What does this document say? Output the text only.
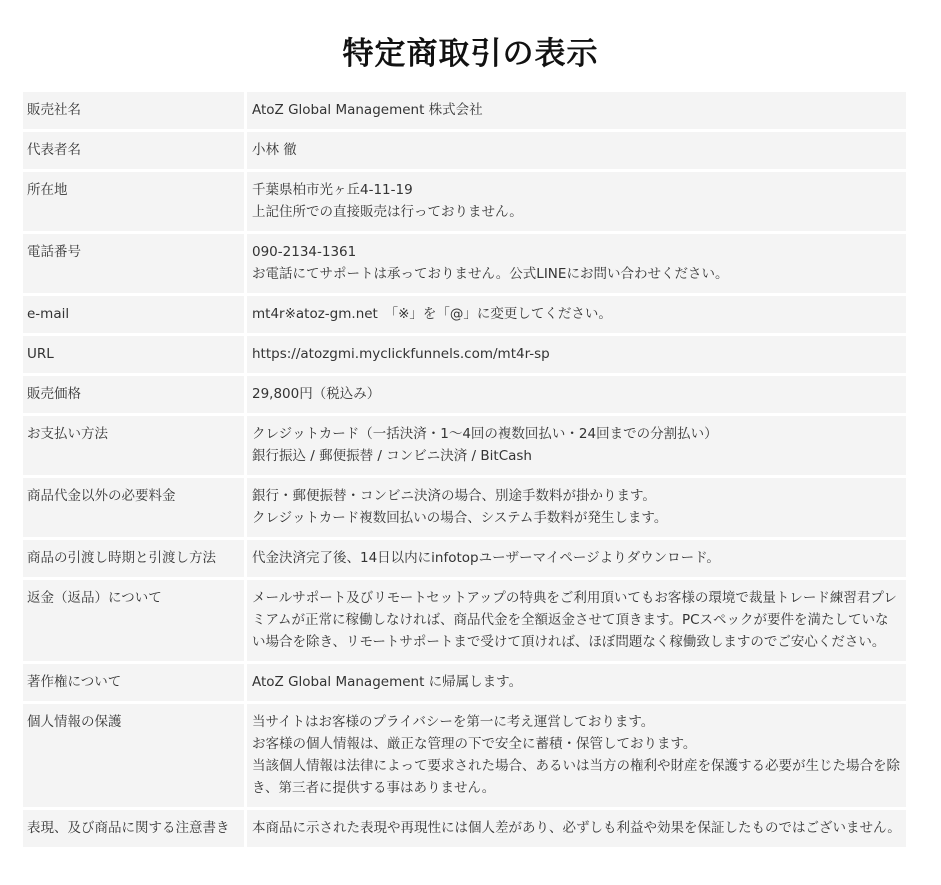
特定商取引の表示
販売社名	AtoZ Global Management 株式会社

代表者名	小林 徹

所在地	千葉県柏市光ヶ丘4-11-19
上記住所での直接販売は行っておりません。

電話番号	090-2134-1361
お電話にてサポートは承っておりません。公式LINEにお問い合わせください。

e-mail	mt4r※atoz-gm.net　「※」を「@」に変更してください。

URL	https://atozgmi.myclickfunnels.com/mt4r-sp

販売価格	29,800円（税込み）

お支払い方法	クレジットカード（一括決済・1〜4回の複数回払い・24回までの分割払い）
銀行振込 / 郵便振替 / コンビニ決済 / BitCash

商品代金以外の必要料金	銀行・郵便振替・コンビニ決済の場合、別途手数料が掛かります。
クレジットカード複数回払いの場合、システム手数料が発生します。

商品の引渡し時期と引渡し方法	代金決済完了後、14日以内にinfotopユーザーマイページよりダウンロード。

返金（返品）について	メールサポート及びリモートセットアップの特典をご利用頂いてもお客様の環境で裁量トレード練習君プレミアムが正常に稼働しなければ、商品代金を全額返金させて頂きます。PCスペックが要件を満たしていない場合を除き、リモートサポートまで受けて頂ければ、ほぼ問題なく稼働致しますのでご安心ください。

著作権について	AtoZ Global Management に帰属します。

個人情報の保護	当サイトはお客様のプライバシーを第一に考え運営しております。
お客様の個人情報は、厳正な管理の下で安全に蓄積・保管しております。
当該個人情報は法律によって要求された場合、あるいは当方の権利や財産を保護する必要が生じた場合を除き、第三者に提供する事はありません。

表現、及び商品に関する注意書き	本商品に示された表現や再現性には個人差があり、必ずしも利益や効果を保証したものではございません。
